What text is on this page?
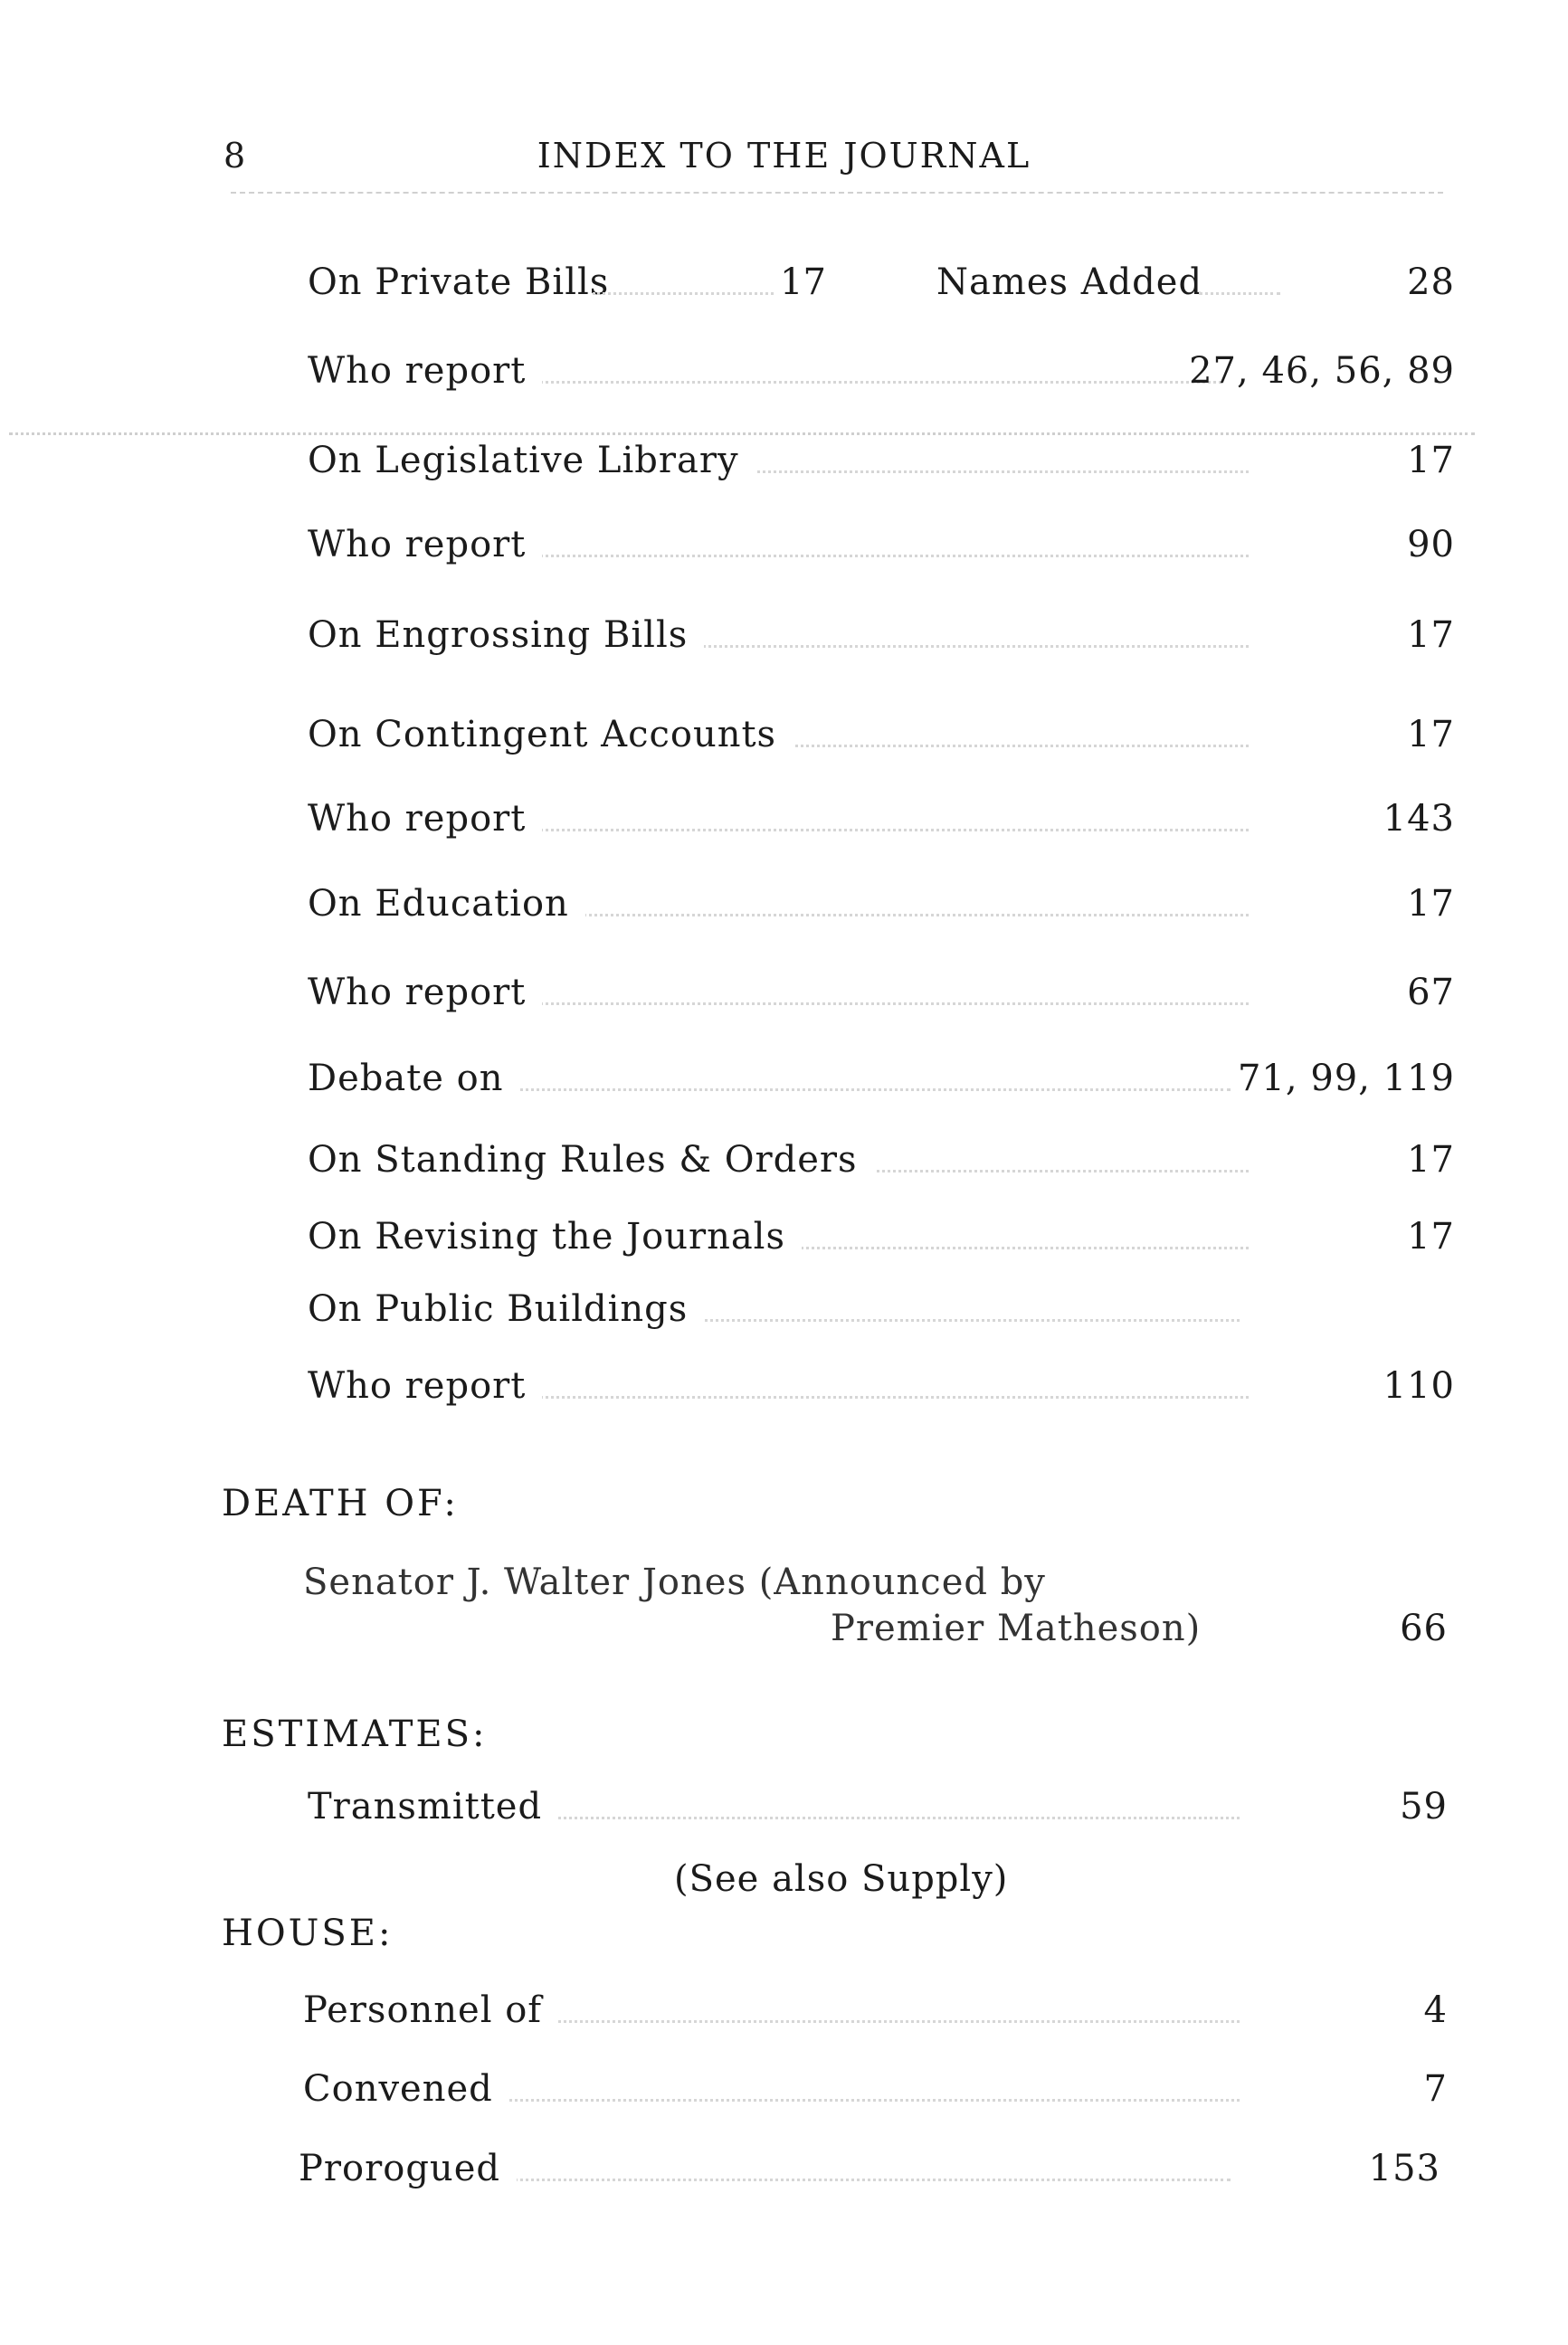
8	INDEX TO THE JOURNAL
On Private Bills	17	Names Added	28
Who report	27, 46, 56, 89
On Legislative Library	17
Who report	90
On Engrossing Bills	17
On Contingent Accounts	17
Who report	143
On Education	17
Who report	67
Debate on	71, 99, 119
On Standing Rules & Orders	17
On Revising the Journals	17
On Public Buildings
Who report	110
DEATH OF:
Senator J. Walter Jones (Announced by
Premier Matheson)	66
ESTIMATES:
Transmitted	59
(See also Supply)
HOUSE:
Personnel of	4
Convened	7
Prorogued	153
